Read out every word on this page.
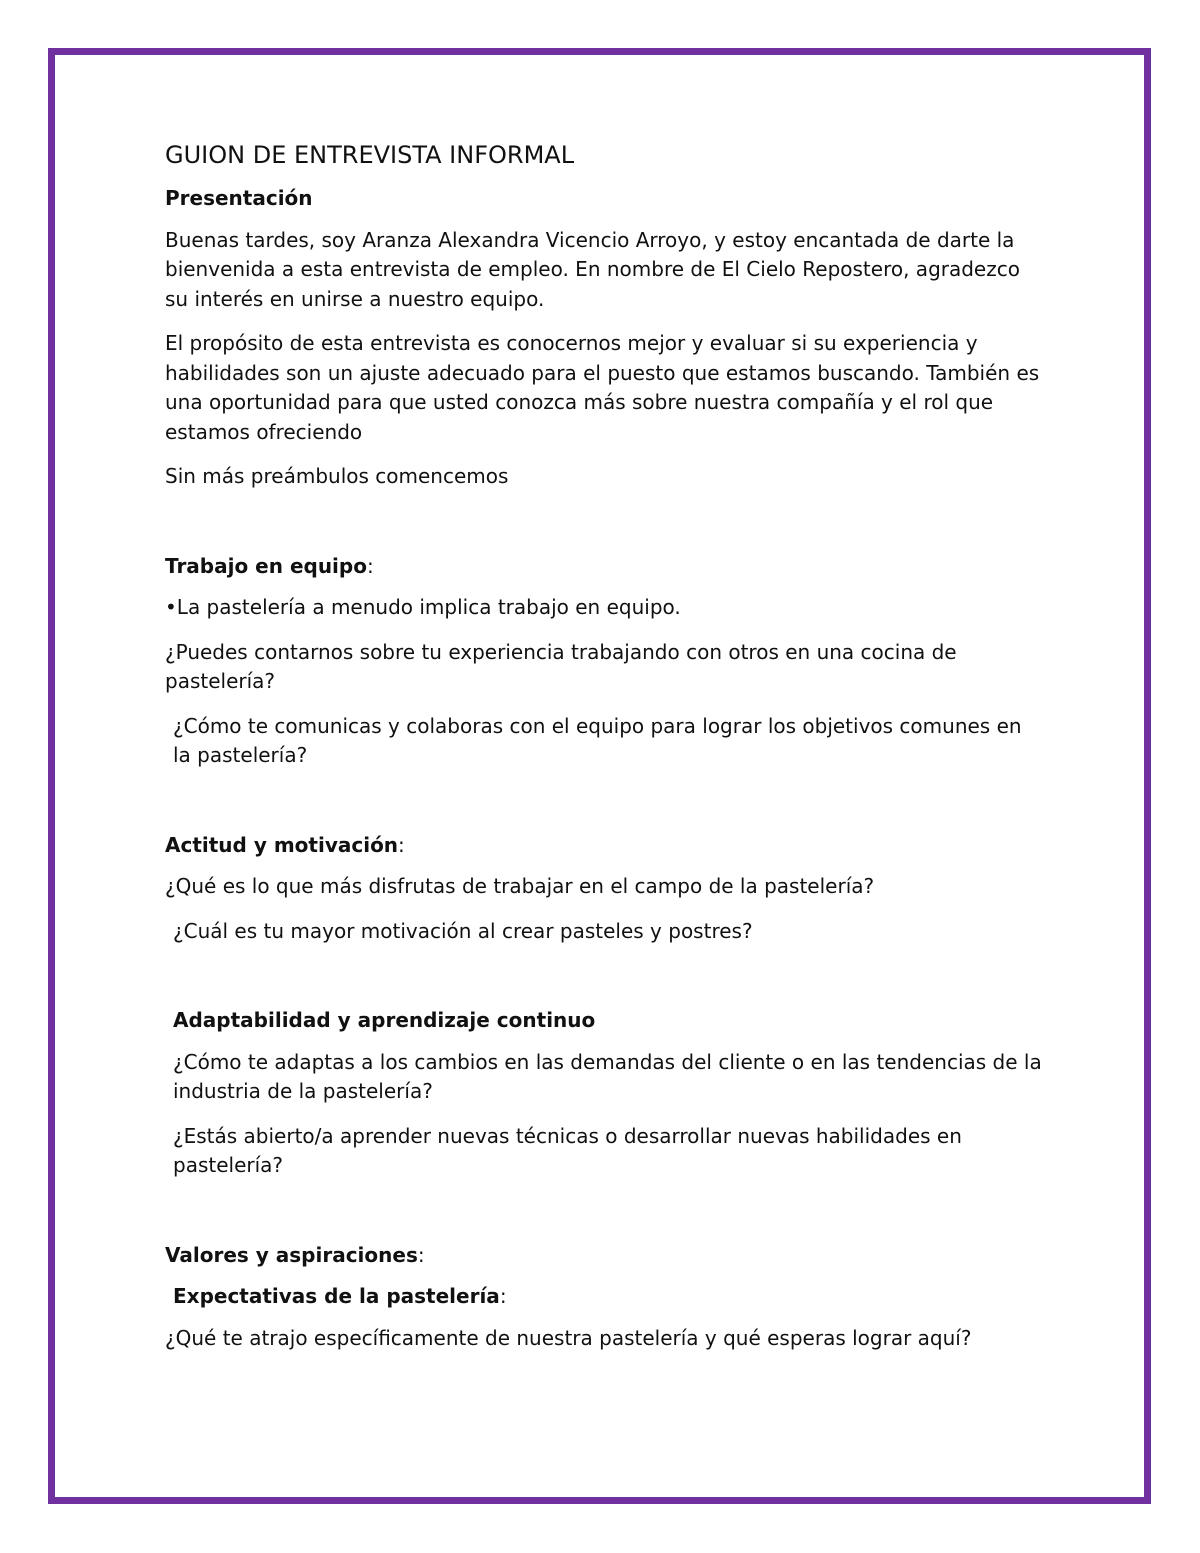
GUION DE ENTREVISTA INFORMAL
Presentación

Buenas tardes, soy Aranza Alexandra Vicencio Arroyo, y estoy encantada de darte la bienvenida a esta entrevista de empleo. En nombre de El Cielo Repostero, agradezco su interés en unirse a nuestro equipo.

El propósito de esta entrevista es conocernos mejor y evaluar si su experiencia y habilidades son un ajuste adecuado para el puesto que estamos buscando. También es una oportunidad para que usted conozca más sobre nuestra compañía y el rol que estamos ofreciendo

Sin más preámbulos comencemos

Trabajo en equipo:

•La pastelería a menudo implica trabajo en equipo.

¿Puedes contarnos sobre tu experiencia trabajando con otros en una cocina de pastelería?

¿Cómo te comunicas y colaboras con el equipo para lograr los objetivos comunes en la pastelería?

Actitud y motivación:

¿Qué es lo que más disfrutas de trabajar en el campo de la pastelería?

¿Cuál es tu mayor motivación al crear pasteles y postres?

Adaptabilidad y aprendizaje continuo

¿Cómo te adaptas a los cambios en las demandas del cliente o en las tendencias de la industria de la pastelería?

¿Estás abierto/a aprender nuevas técnicas o desarrollar nuevas habilidades en pastelería?

Valores y aspiraciones:
Expectativas de la pastelería:

¿Qué te atrajo específicamente de nuestra pastelería y qué esperas lograr aquí?
